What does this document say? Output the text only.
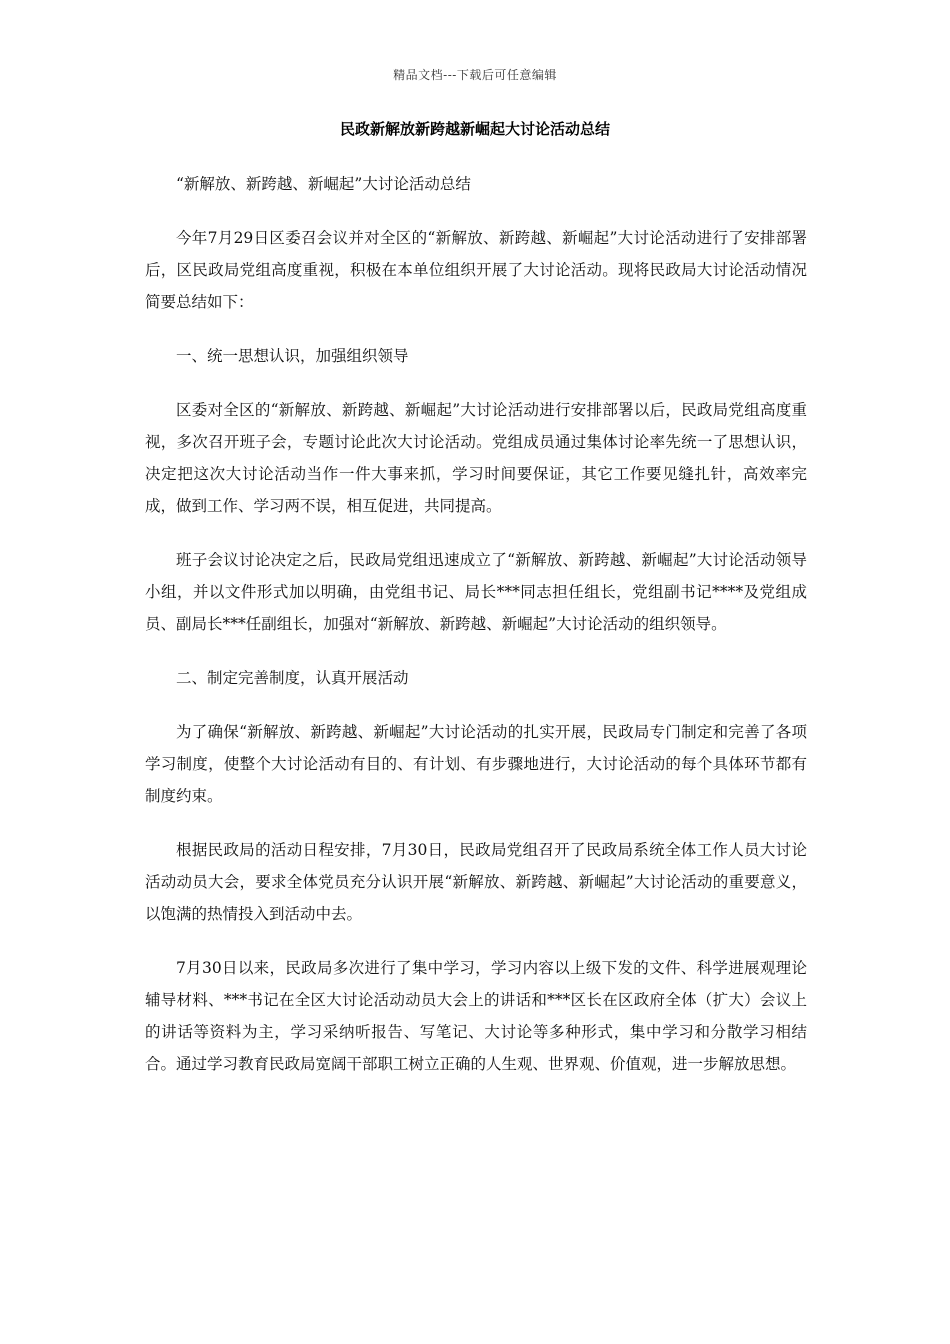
精品文档---下载后可任意编辑
民政新解放新跨越新崛起大讨论活动总结

“新解放、新跨越、新崛起”大讨论活动总结

今年7月29日区委召会议并对全区的“新解放、新跨越、新崛起”大讨论活动进行了安排部署后，区民政局党组高度重视，积极在本单位组织开展了大讨论活动。现将民政局大讨论活动情况简要总结如下：

一、统一思想认识，加强组织领导

区委对全区的“新解放、新跨越、新崛起”大讨论活动进行安排部署以后，民政局党组高度重视，多次召开班子会，专题讨论此次大讨论活动。党组成员通过集体讨论率先统一了思想认识，决定把这次大讨论活动当作一件大事来抓，学习时间要保证，其它工作要见缝扎针，高效率完成，做到工作、学习两不误，相互促进，共同提高。

班子会议讨论决定之后，民政局党组迅速成立了“新解放、新跨越、新崛起”大讨论活动领导小组，并以文件形式加以明确，由党组书记、局长***同志担任组长，党组副书记****及党组成员、副局长***任副组长，加强对“新解放、新跨越、新崛起”大讨论活动的组织领导。

二、制定完善制度，认真开展活动

为了确保“新解放、新跨越、新崛起”大讨论活动的扎实开展，民政局专门制定和完善了各项学习制度，使整个大讨论活动有目的、有计划、有步骤地进行，大讨论活动的每个具体环节都有制度约束。

根据民政局的活动日程安排，7月30日，民政局党组召开了民政局系统全体工作人员大讨论活动动员大会，要求全体党员充分认识开展“新解放、新跨越、新崛起”大讨论活动的重要意义，以饱满的热情投入到活动中去。

7月30日以来，民政局多次进行了集中学习，学习内容以上级下发的文件、科学进展观理论辅导材料、***书记在全区大讨论活动动员大会上的讲话和***区长在区政府全体（扩大）会议上的讲话等资料为主，学习采纳听报告、写笔记、大讨论等多种形式，集中学习和分散学习相结合。通过学习教育民政局宽阔干部职工树立正确的人生观、世界观、价值观，进一步解放思想。
